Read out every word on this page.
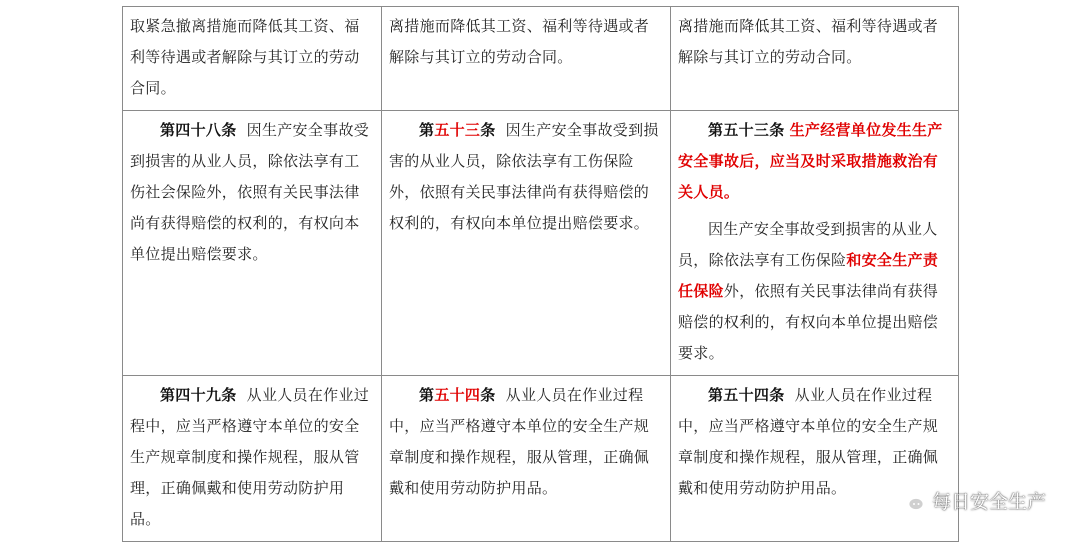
取紧急撤离措施而降低其工资、福利等待遇或者解除与其订立的劳动合同。	离措施而降低其工资、福利等待遇或者解除与其订立的劳动合同。	离措施而降低其工资、福利等待遇或者解除与其订立的劳动合同。

第四十八条 因生产安全事故受到损害的从业人员，除依法享有工伤社会保险外，依照有关民事法律尚有获得赔偿的权利的，有权向本单位提出赔偿要求。	第五十三条 因生产安全事故受到损害的从业人员，除依法享有工伤保险外，依照有关民事法律尚有获得赔偿的权利的，有权向本单位提出赔偿要求。	第五十三条 生产经营单位发生生产安全事故后，应当及时采取措施救治有关人员。

因生产安全事故受到损害的从业人员，除依法享有工伤保险和安全生产责任保险外，依照有关民事法律尚有获得赔偿的权利的，有权向本单位提出赔偿要求。

第四十九条 从业人员在作业过程中，应当严格遵守本单位的安全生产规章制度和操作规程，服从管理，正确佩戴和使用劳动防护用品。	第五十四条 从业人员在作业过程中，应当严格遵守本单位的安全生产规章制度和操作规程，服从管理，正确佩戴和使用劳动防护用品。	第五十四条 从业人员在作业过程中，应当严格遵守本单位的安全生产规章制度和操作规程，服从管理，正确佩戴和使用劳动防护用品。

每日安全生产
